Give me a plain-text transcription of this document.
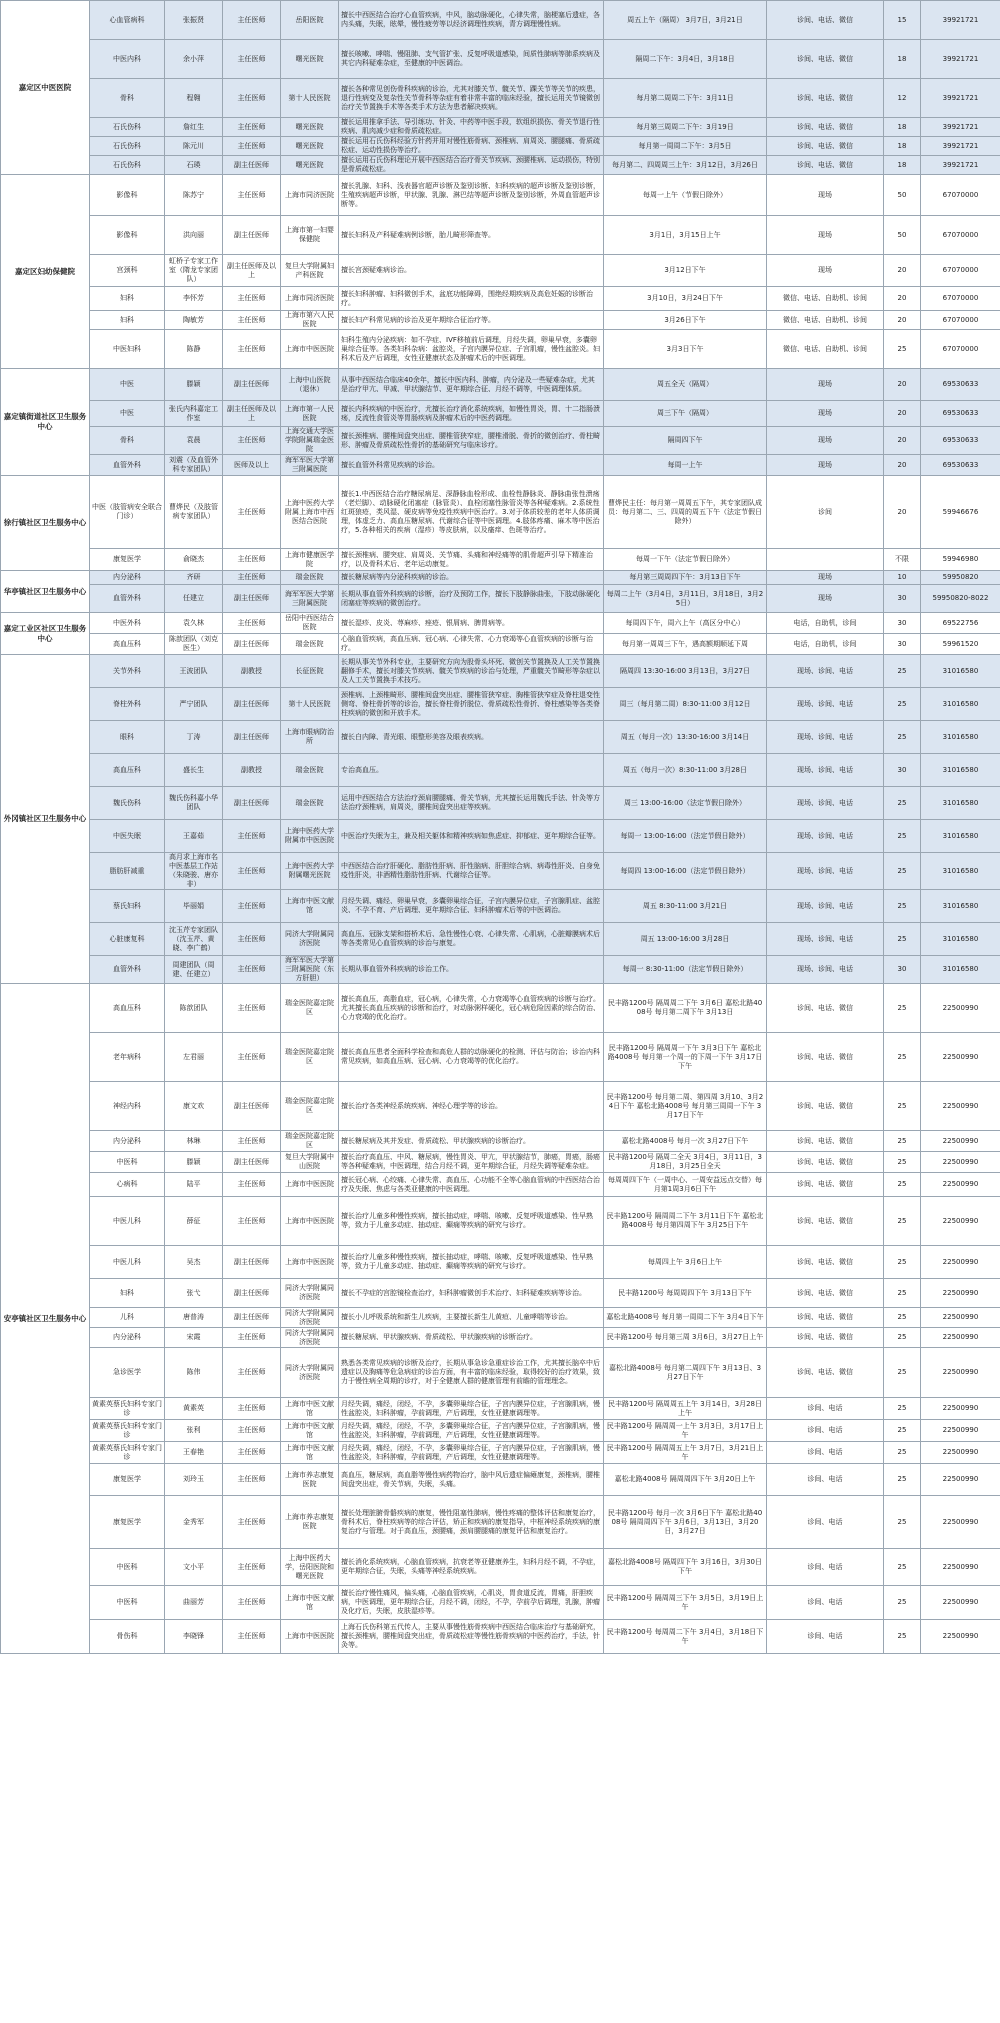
嘉定区中医医院	心血管病科	张振贤	主任医师	岳阳医院	擅长中西医结合治疗心血管疾病，中风，脑动脉硬化，心律失常，脑梗塞后遗症，各内头痛，失眠，眩晕，慢性疲劳等以经济调理性疾病，青方调理慢性病。	周五上午（隔周） 3月7日，3月21日	诊间、电话、微信	15	39921721
	中医内科	余小萍	主任医师	曙光医院	擅长咳嗽、哮喘、慢阻肺、支气管扩张、反复呼吸道感染，间质性肺病等肺系疾病及其它内科疑难杂症，至健康的中医调治。	隔周二下午：3月4日，3月18日	诊间、电话、微信	18	39921721
	骨科	程翱	主任医师	第十人民医院	擅长各种常见创伤骨科疾病的诊治，尤其对膝关节、髋关节、踝关节等关节的疾患，退行性病变及复杂性关节骨科等杂症有着非常丰富的临床经验，擅长运用关节镜微创治疗关节置换手术等各类手术方法为患者解决疾病。	每月第二周周二下午：3月11日	诊间、电话、微信	12	39921721
	石氏伤科	詹红生	主任医师	曙光医院	擅长运用推拿手法、导引练功、针灸、中药等中医手段，软组织损伤、骨关节退行性疾病、肌肉减少症和骨质疏松症。	每月第三周周二下午：3月19日	诊间、电话、微信	18	39921721
	石氏伤科	陈元川	主任医师	曙光医院	擅长运用石氏伤科经验方针药并用对慢性筋骨病、颈椎病、肩周炎、腰腿痛、骨质疏松症、运动性损伤等治疗。	每月第一周周二下午：3月5日	诊间、电话、微信	18	39921721
	石氏伤科	石瑛	副主任医师	曙光医院	擅长运用石氏伤科理论开展中西医结合治疗骨关节疾病、颈腰椎病、运动损伤，特别是骨质疏松症。	每月第二、四周周三上午：3月12日，3月26日	诊间、电话、微信	18	39921721
嘉定区妇幼保健院	影像科	陈苏宁	主任医师	上海市同济医院	擅长乳腺、妇科、浅表器官超声诊断及鉴别诊断、妇科疾病的超声诊断及鉴别诊断，生殖疾病超声诊断，甲状腺、乳腺、淋巴结等超声诊断及鉴别诊断，外周血管超声诊断等。	每周一上午（节假日除外）	现场	50	67070000
	影像科	洪向丽	副主任医师	上海市第一妇婴保健院	擅长妇科及产科疑难病例诊断，胎儿畸形筛查等。	3月1日，3月15日上午	现场	50	67070000
	宫颈科	虹桥子专家工作室（隋龙专家团队）	副主任医师及以上	复旦大学附属妇产科医院	擅长宫颈疑难病诊治。	3月12日下午	现场	20	67070000
	妇科	李怀芳	主任医师	上海市同济医院	擅长妇科肿瘤、妇科微创手术，盆底功能障碍，围绝经期疾病及高危妊娠的诊断治疗。	3月10日，3月24日下午	微信、电话、自助机、诊间	20	67070000
	妇科	陶敏芳	主任医师	上海市第六人民医院	擅长妇产科常见病的诊治及更年期综合征治疗等。	3月26日下午	微信、电话、自助机、诊间	20	67070000
	中医妇科	陈静	主任医师	上海市中医医院	妇科生殖内分泌疾病：如不孕症、IVF移植前后调理，月经失调，卵巢早衰，多囊卵巢综合征等。各类妇科杂病：盆腔炎，子宫内膜异位症、子宫肌瘤，慢性盆腔炎。妇科术后及产后调理，女性亚健康状态及肿瘤术后的中医调理。	3月3日下午	微信、电话、自助机、诊间	25	67070000
嘉定镇街道社区卫生服务中心	中医	滕颖	副主任医师	上海中山医院（退休）	从事中西医结合临床40余年，擅长中医内科、肿瘤，内分泌及一些疑难杂症，尤其是治疗甲亢、甲减、甲状腺结节、更年期综合征、月经不调等，中医调理体质。	周五全天（隔周）	现场	20	69530633
	中医	张氏内科嘉定工作室	副主任医师及以上	上海市第一人民医院	擅长内科疾病的中医治疗，尤擅长治疗消化系统疾病，如慢性胃炎，胃、十二指肠溃疡，反流性食管炎等胃肠疾病及肿瘤术后的中医药调理。	周三下午（隔周）	现场	20	69530633
	骨科	袁晨	主任医师	上海交通大学医学院附属瑞金医院	擅长颈椎病、腰椎间盘突出症、腰椎管狭窄症，腰椎滑脱、骨折的微创治疗、骨柱畸形、肿瘤及骨质疏松性骨折的基础研究与临床诊疗。	隔周四下午	现场	20	69530633
	血管外科	刘震（及血管外科专家团队）	医师及以上	海军军医大学第三附属医院	擅长血管外科常见疾病的诊治。	每周一上午	现场	20	69530633
徐行镇社区卫生服务中心	中医（肢管病安全联合门诊）	曹烨民（及肢管病专家团队）	主任医师	上海中医药大学附属上海市中西医结合医院	擅长1.中西医结合治疗糖尿病足、深静脉血栓形成、血栓性静脉炎、静脉曲张性溃疡（老烂脚）、动脉硬化闭塞症（脉管炎）、血栓闭塞性脉管炎等各种疑难病。2.系统性红斑狼疮，类风湿、硬皮病等免疫性疾病中医治疗。3.对于体质较差的老年人体质调理，体虚乏力、高血压糖尿病、代谢综合征等中医调理。4.肢体疼痛、麻木等中医治疗，5.各种相关的疾病（湿疹）等皮肤病，以及瘙痒、色斑等治疗。	曹烨民主任：每月第一周周五下午，其专家团队成员：每月第二、三、四周的周五下午（法定节假日除外）	诊间	20	59946676
	康复医学	俞晓杰	主任医师	上海市健康医学院	擅长颈椎病、腰突症、肩周炎、关节痛、头痛和神经痛等的肌骨超声引导下精准治疗，以及骨科术后、老年运动康复。	每周一下午（法定节假日除外）		不限	59946980
华亭镇社区卫生服务中心	内分泌科	齐研	主任医师	瑞金医院	擅长糖尿病等内分泌科疾病的诊治。	每月第三周周四下午：3月13日下午	现场	10	59950820
	血管外科	任建立	副主任医师	海军军医大学第三附属医院	长期从事血管外科疾病的诊断，治疗及预防工作，擅长下肢静脉曲张，下肢动脉硬化闭塞症等疾病的微创治疗。	每周二上午（3月4日，3月11日，3月18日，3月25日）	现场	30	59950820-8022
嘉定工业区社区卫生服务中心	中医外科	袁久林	主任医师	岳阳中西医结合医院	擅长湿疹、皮炎、荨麻疹、痤疮、银屑病、脾胃病等。	每周四下午，周六上午（高区分中心）	电话，自助机，诊间	30	69522756
	高血压科	陈歆团队（刘克医生）	副主任医师	瑞金医院	心脑血管疾病，高血压病、冠心病、心律失常、心力衰竭等心血管疾病的诊断与治疗。	每月第一周周三下午，遇高额期顺延下周	电话，自助机，诊间	30	59961520
外冈镇社区卫生服务中心	关节外科	王波团队	副教授	长征医院	长期从事关节外科专业，主要研究方向为股骨头坏死、微创关节置换及人工关节置换翻修手术，擅长对膝关节疾病、髋关节疾病的诊治与处理，严重髋关节畸形等杂症以及人工关节置换手术技巧。	隔周四 13:30-16:00 3月13日，3月27日	现场、诊间、电话	25	31016580
	脊柱外科	严宁团队	副主任医师	第十人民医院	颈椎病、上颈椎畸形、腰椎间盘突出症、腰椎管狭窄症、胸椎管狭窄症及脊柱退变性侧弯、脊柱骨折等的诊治，擅长脊柱骨折脱位、骨质疏松性骨折、脊柱感染等各类脊柱疾病的微创和开放手术。	周三（每月第二周）8:30-11:00 3月12日	现场、诊间、电话	25	31016580
	眼科	丁涛	副主任医师	上海市眼病防治所	擅长白内障、青光眼、眼整形美容及眼表疾病。	周五（每月一次）13:30-16:00 3月14日	现场、诊间、电话	25	31016580
	高血压科	盛长生	副教授	瑞金医院	专治高血压。	周五（每月一次）8:30-11:00 3月28日	现场、诊间、电话	30	31016580
	魏氏伤科	魏氏伤科嘉小华团队	副主任医师	瑞金医院	运用中西医结合方法治疗颈肩腰腿痛、骨关节病，尤其擅长运用魏氏手法、针灸等方法治疗颈椎病，肩周炎，腰椎间盘突出症等疾病。	周三 13:00-16:00（法定节假日除外）	现场、诊间、电话	25	31016580
	中医失眠	王嘉茹	主任医师	上海中医药大学附属市中医医院	中医治疗失眠为主，兼及相关躯体和精神疾病如焦虑症、抑郁症、更年期综合征等。	每周一 13:00-16:00（法定节假日除外）	现场、诊间、电话	25	31016580
	脂肪肝减重	高月求上海市名中医基层工作站（朱晓骏、唐亦非）	主任医师	上海中医药大学附属曙光医院	中西医结合治疗肝硬化、脂肪性肝病、肝性脑病、肝胆综合病、病毒性肝炎、自身免疫性肝炎，非酒精性脂肪性肝病、代谢综合征等。	每周四 13:00-16:00（法定节假日除外）	现场、诊间、电话	25	31016580
	蔡氏妇科	毕丽娟	主任医师	上海市中医文献馆	月经失调、痛经、卵巢早衰，多囊卵巢综合征，子宫内膜异位症，子宫腺肌症、盆腔炎、不孕不育、产后调理、更年期综合征、妇科肿瘤术后等的中医调治。	周五 8:30-11:00 3月21日	现场、诊间、电话	25	31016580
	心脏康复科	沈玉芹专家团队（沈玉芹、黄晓、李广鹤）	主任医师	同济大学附属同济医院	高血压、冠脉支架和搭桥术后、急性慢性心衰、心律失常、心肌病，心脏瓣膜病术后等各类常见心血管疾病的诊治与康复。	周五 13:00-16:00 3月28日	现场、诊间、电话	25	31016580
	血管外科	周建团队（周建、任建立）	主任医师	海军军医大学第三附属医院（东方肝胆）	长期从事血管外科疾病的诊治工作。	每周一 8:30-11:00（法定节假日除外）	现场、诊间、电话	30	31016580
安亭镇社区卫生服务中心	高血压科	陈歆团队	主任医师	瑞金医院嘉定院区	擅长高血压，高脂血症，冠心病，心律失常，心力衰竭等心血管疾病的诊断与治疗。尤其擅长高血压疾病的诊断和治疗，对动脉粥样硬化，冠心病危险因素的综合防治、心力衰竭的优化治疗。	民丰路1200号 隔周周二下午 3月6日 嘉松北路4008号 每月第二周下午 3月13日	诊间、电话、微信	25	22500990
	老年病科	左君丽	主任医师	瑞金医院嘉定院区	擅长高血压患者全面科学检查和高危人群的动脉硬化的检测、评估与防治；诊治内科常见疾病，如高血压病、冠心病、心力衰竭等的优化治疗。	民丰路1200号 隔周周一下午 3月3日下午 嘉松北路4008号 每月第一个周一的下周一下午 3月17日下午	诊间、电话、微信	25	22500990
	神经内科	康文欢	副主任医师	瑞金医院嘉定院区	擅长治疗各类神经系统疾病、神经心理学等的诊治。	民丰路1200号 每月第二周、第四周 3月10、3月24日下午 嘉松北路4008号 每月第三周周一下午 3月17日下午	诊间、电话、微信	25	22500990
	内分泌科	林琳	主任医师	瑞金医院嘉定院区	擅长糖尿病及其并发症、骨质疏松、甲状腺疾病的诊断治疗。	嘉松北路4008号 每月一次 3月27日下午	诊间、电话、微信	25	22500990
	中医科	滕颖	副主任医师	复旦大学附属中山医院	擅长治疗高血压、中风、糖尿病，慢性胃炎、甲亢，甲状腺结节，肺癌，胃癌，肠癌等各种疑难病，中医调理，结合月经不调，更年期综合征，月经失调等疑难杂症。	民丰路1200号 隔周二全天 3月4日，3月11日，3月18日，3月25日全天	诊间、电话、微信	25	22500990
	心病科	陆平	主任医师	上海市中医医院	擅长冠心病、心绞痛、心律失常、高血压、心功能不全等心脑血管病的中西医结合治疗及失眠、焦虑与各类亚健康的中医调理。	每周周四下午（一周中心、一周安益远点交替）每月第1周3月6日下午	诊间、电话、微信	25	22500990
	中医儿科	薛征	主任医师	上海市中医医院	擅长治疗儿童多种慢性疾病，擅长抽动症，哮喘、咳嗽、反复呼吸道感染、性早熟等，致力于儿童多动症、抽动症、癫痫等疾病的研究与诊疗。	民丰路1200号 隔周周二下午 3月11日下午 嘉松北路4008号 每月第四周下午 3月25日下午	诊间、电话、微信	25	22500990
	中医儿科	吴杰	副主任医师	上海市中医医院	擅长治疗儿童多种慢性疾病，擅长抽动症，哮喘、咳嗽、反复呼吸道感染、性早熟等，致力于儿童多动症、抽动症、癫痫等疾病的研究与诊疗。	每周四上午 3月6日上午	诊间、电话、微信	25	22500990
	妇科	张弋	副主任医师	同济大学附属同济医院	擅长不孕症的宫腔镜检查治疗，妇科肿瘤微创手术治疗、妇科疑难疾病等诊治。	民丰路1200号 每周周四下午 3月13日下午	诊间、电话、微信	25	22500990
	儿科	唐普涛	副主任医师	同济大学附属同济医院	擅长小儿呼吸系统和新生儿疾病，主要擅长新生儿黄疸、儿童哮喘等诊治。	嘉松北路4008号 每月第一周周二下午 3月4日下午	诊间、电话、微信	25	22500990
	内分泌科	宋霞	主任医师	同济大学附属同济医院	擅长糖尿病、甲状腺疾病、骨质疏松、甲状腺疾病的诊断治疗。	民丰路1200号 每月第三周 3月6日，3月27日上午	诊间、电话、微信	25	22500990
	急诊医学	陈伟	主任医师	同济大学附属同济医院	熟悉各类常见疾病的诊断及治疗，长期从事急诊急重症诊治工作，尤其擅长脑卒中后遗症以及胸痛等危急病症的诊治方面，有丰富的临床经验，取得较好的治疗效果，致力于慢性病全周期的诊疗，对于全健康人群的健康管理有前瞻的管理理念。	嘉松北路4008号 每月第二周四下午 3月13日、3月27日下午	诊间、电话、微信	25	22500990
	黄素英蔡氏妇科专家门诊	黄素英	主任医师	上海市中医文献馆	月经失调，痛经，闭经，不孕，多囊卵巢综合征，子宫内膜异位症，子宫腺肌病，慢性盆腔炎，妇科肿瘤，孕前调理，产后调理，女性亚健康调理等。	民丰路1200号 隔周周五上午 3月14日，3月28日上午	诊间、电话	25	22500990
	黄素英蔡氏妇科专家门诊	张利	主任医师	上海市中医文献馆	月经失调，痛经，闭经，不孕，多囊卵巢综合征，子宫内膜异位症，子宫腺肌病，慢性盆腔炎，妇科肿瘤，孕前调理，产后调理，女性亚健康调理等。	民丰路1200号 隔周周一上午 3月3日，3月17日上午	诊间、电话	25	22500990
	黄素英蔡氏妇科专家门诊	王春艳	主任医师	上海市中医文献馆	月经失调，痛经，闭经，不孕，多囊卵巢综合征，子宫内膜异位症，子宫腺肌病，慢性盆腔炎，妇科肿瘤，孕前调理，产后调理，女性亚健康调理等。	民丰路1200号 隔周周五上午 3月7日，3月21日上午	诊间、电话	25	22500990
	康复医学	刘玲玉	主任医师	上海市养志康复医院	高血压，糖尿病，高血脂等慢性病药物治疗，脑中风后遗症偏瘫康复，颈椎病，腰椎间盘突出症，骨关节病，失眠，头痛。	嘉松北路4008号 隔周周四下午 3月20日上午	诊间、电话	25	22500990
	康复医学	金秀军	主任医师	上海市养志康复医院	擅长处理脏腑骨骼疾病的康复，慢性阻塞性肺病，慢性疼痛的整体评估和康复治疗，骨科术后，脊柱疾病等的综合评估，矫正和疾病的康复指导，中枢神经系统疾病的康复治疗与管理。对于高血压，颈腰痛，颈肩腰腿痛的康复评估和康复治疗。	民丰路1200号 每月一次 3月6日下午 嘉松北路4008号 隔周周四下午 3月6日，3月13日，3月20日，3月27日	诊间、电话	25	22500990
	中医科	文小平	主任医师	上海中医药大学，岳阳医院和曙光医院	擅长消化系统疾病，心脑血管疾病，抗衰老等亚健康养生，妇科月经不调，不孕症，更年期综合征，失眠，头痛等神经系统疾病。	嘉松北路4008号 隔周四下午 3月16日，3月30日下午	诊间、电话	25	22500990
	中医科	曲丽芳	主任医师	上海市中医文献馆	擅长治疗慢性痛风，偏头痛，心脑血管疾病，心肌炎，胃食道反流，胃痛，肝胆疾病，中医调理，更年期综合征，月经不调，闭经，不孕，孕前孕后调理，乳腺，肿瘤及化疗后，失眠，皮肤湿疹等。	民丰路1200号 隔周周三下午 3月5日，3月19日上午	诊间、电话	25	22500990
	骨伤科	李晓锋	主任医师	上海市中医医院	上海石氏伤科第五代传人，主要从事慢性筋骨疾病中西医结合临床治疗与基础研究，擅长颈椎病，腰椎间盘突出症，骨质疏松症等慢性筋骨疾病的中医药治疗，手法，针灸等。	民丰路1200号 每周周二下午 3月4日，3月18日下午	诊间、电话	25	22500990
